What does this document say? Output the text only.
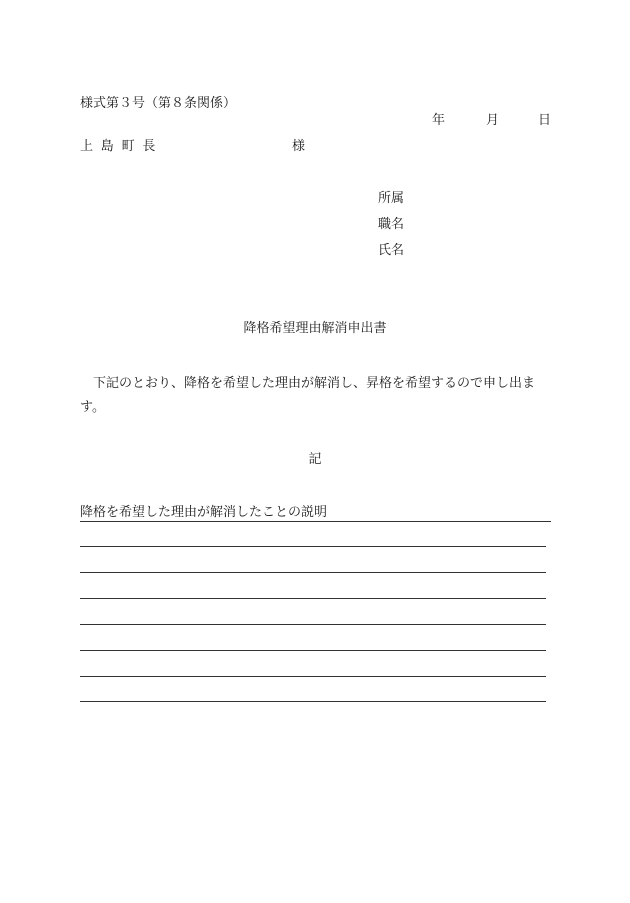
様式第３号（第８条関係）
年	月	日
上島町長	様
所属
職名
氏名
降格希望理由解消申出書
下記のとおり、降格を希望した理由が解消し、昇格を希望するので申し出ます。
記
降格を希望した理由が解消したことの説明
